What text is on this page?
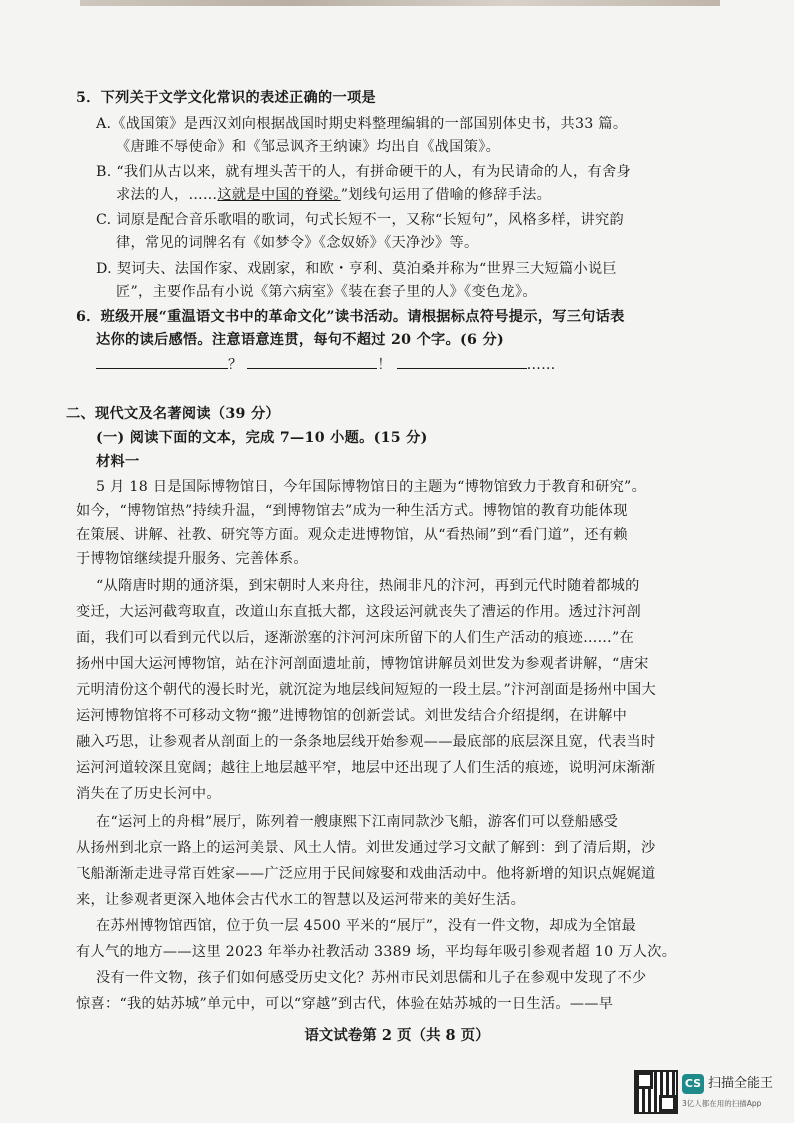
5．下列关于文学文化常识的表述正确的一项是
A.《战国策》是西汉刘向根据战国时期史料整理编辑的一部国别体史书，共33 篇。
《唐雎不辱使命》和《邹忌讽齐王纳谏》均出自《战国策》。
B. “我们从古以来，就有埋头苦干的人，有拼命硬干的人，有为民请命的人，有舍身
求法的人，……这就是中国的脊梁。”划线句运用了借喻的修辞手法。
C. 词原是配合音乐歌唱的歌词，句式长短不一，又称“长短句”，风格多样，讲究韵
律，常见的词牌名有《如梦令》《念奴娇》《天净沙》等。
D. 契诃夫、法国作家、戏剧家，和欧・亨利、莫泊桑并称为“世界三大短篇小说巨
匠”，主要作品有小说《第六病室》《装在套子里的人》《变色龙》。
6．班级开展“重温语文书中的革命文化”读书活动。请根据标点符号提示，写三句话表
达你的读后感悟。注意语意连贯，每句不超过 20 个字。(6 分)
？	！	……
二、现代文及名著阅读（39 分）
(一) 阅读下面的文本，完成 7—10 小题。(15 分)
材料一
5 月 18 日是国际博物馆日，今年国际博物馆日的主题为“博物馆致力于教育和研究”。
如今，“博物馆热”持续升温，“到博物馆去”成为一种生活方式。博物馆的教育功能体现
在策展、讲解、社教、研究等方面。观众走进博物馆，从“看热闹”到“看门道”，还有赖
于博物馆继续提升服务、完善体系。
“从隋唐时期的通济渠，到宋朝时人来舟往，热闹非凡的汴河，再到元代时随着都城的
变迁，大运河截弯取直，改道山东直抵大都，这段运河就丧失了漕运的作用。透过汴河剖
面，我们可以看到元代以后，逐渐淤塞的汴河河床所留下的人们生产活动的痕迹……”在
扬州中国大运河博物馆，站在汴河剖面遗址前，博物馆讲解员刘世发为参观者讲解，“唐宋
元明清份这个朝代的漫长时光，就沉淀为地层线间短短的一段土层。”汴河剖面是扬州中国大
运河博物馆将不可移动文物“搬”进博物馆的创新尝试。刘世发结合介绍提纲，在讲解中
融入巧思，让参观者从剖面上的一条条地层线开始参观——最底部的底层深且宽，代表当时
运河河道较深且宽阔；越往上地层越平窄，地层中还出现了人们生活的痕迹，说明河床渐渐
消失在了历史长河中。
在“运河上的舟楫”展厅，陈列着一艘康熙下江南同款沙飞船，游客们可以登船感受
从扬州到北京一路上的运河美景、风土人情。刘世发通过学习文献了解到：到了清后期，沙
飞船渐渐走进寻常百姓家——广泛应用于民间嫁娶和戏曲活动中。他将新增的知识点娓娓道
来，让参观者更深入地体会古代水工的智慧以及运河带来的美好生活。
在苏州博物馆西馆，位于负一层 4500 平米的“展厅”，没有一件文物，却成为全馆最
有人气的地方——这里 2023 年举办社教活动 3389 场，平均每年吸引参观者超 10 万人次。
没有一件文物，孩子们如何感受历史文化？苏州市民刘思儒和儿子在参观中发现了不少
惊喜：“我的姑苏城”单元中，可以“穿越”到古代，体验在姑苏城的一日生活。——早
语文试卷第 2 页（共 8 页）
CS 扫描全能王
3亿人都在用的扫描App
